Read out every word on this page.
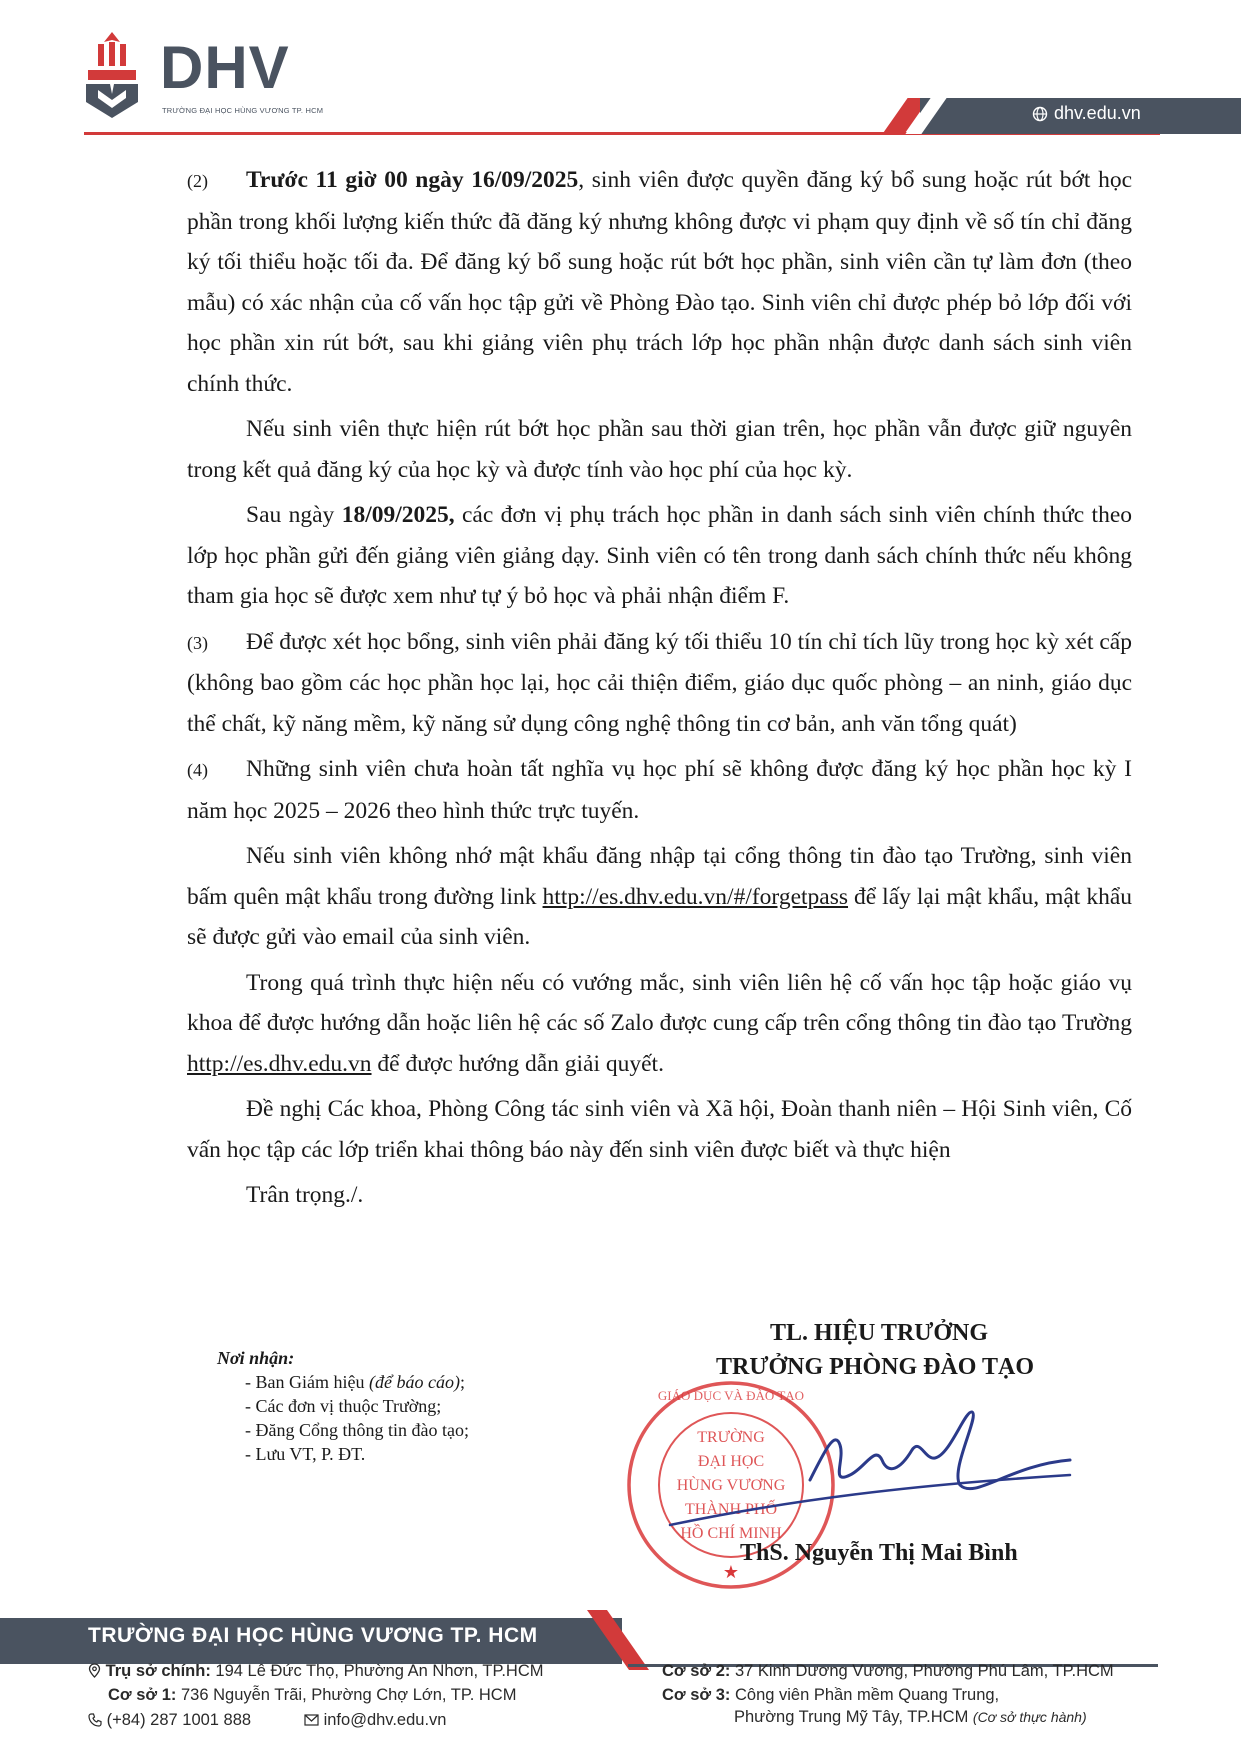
DHV
TRƯỜNG ĐẠI HỌC HÙNG VƯƠNG TP. HCM	dhv.edu.vn

(2) Trước 11 giờ 00 ngày 16/09/2025, sinh viên được quyền đăng ký bổ sung hoặc rút bớt học phần trong khối lượng kiến thức đã đăng ký nhưng không được vi phạm quy định về số tín chỉ đăng ký tối thiểu hoặc tối đa. Để đăng ký bổ sung hoặc rút bớt học phần, sinh viên cần tự làm đơn (theo mẫu) có xác nhận của cố vấn học tập gửi về Phòng Đào tạo. Sinh viên chỉ được phép bỏ lớp đối với học phần xin rút bớt, sau khi giảng viên phụ trách lớp học phần nhận được danh sách sinh viên chính thức.

Nếu sinh viên thực hiện rút bớt học phần sau thời gian trên, học phần vẫn được giữ nguyên trong kết quả đăng ký của học kỳ và được tính vào học phí của học kỳ.

Sau ngày 18/09/2025, các đơn vị phụ trách học phần in danh sách sinh viên chính thức theo lớp học phần gửi đến giảng viên giảng dạy. Sinh viên có tên trong danh sách chính thức nếu không tham gia học sẽ được xem như tự ý bỏ học và phải nhận điểm F.

(3) Để được xét học bổng, sinh viên phải đăng ký tối thiểu 10 tín chỉ tích lũy trong học kỳ xét cấp (không bao gồm các học phần học lại, học cải thiện điểm, giáo dục quốc phòng – an ninh, giáo dục thể chất, kỹ năng mềm, kỹ năng sử dụng công nghệ thông tin cơ bản, anh văn tổng quát)

(4) Những sinh viên chưa hoàn tất nghĩa vụ học phí sẽ không được đăng ký học phần học kỳ I năm học 2025 – 2026 theo hình thức trực tuyến.

Nếu sinh viên không nhớ mật khẩu đăng nhập tại cổng thông tin đào tạo Trường, sinh viên bấm quên mật khẩu trong đường link http://es.dhv.edu.vn/#/forgetpass để lấy lại mật khẩu, mật khẩu sẽ được gửi vào email của sinh viên.

Trong quá trình thực hiện nếu có vướng mắc, sinh viên liên hệ cố vấn học tập hoặc giáo vụ khoa để được hướng dẫn hoặc liên hệ các số Zalo được cung cấp trên cổng thông tin đào tạo Trường http://es.dhv.edu.vn để được hướng dẫn giải quyết.

Đề nghị Các khoa, Phòng Công tác sinh viên và Xã hội, Đoàn thanh niên – Hội Sinh viên, Cố vấn học tập các lớp triển khai thông báo này đến sinh viên được biết và thực hiện

Trân trọng./.

Nơi nhận:
- Ban Giám hiệu (để báo cáo);
- Các đơn vị thuộc Trường;
- Đăng Cổng thông tin đào tạo;
- Lưu VT, P. ĐT.
TL. HIỆU TRƯỞNG
TRƯỞNG PHÒNG ĐÀO TẠO
TRƯỜNG
ĐẠI HỌC
HÙNG VƯƠNG
THÀNH PHỐ
HỒ CHÍ MINH
GIÁO DỤC VÀ ĐÀO TẠO
★
ThS. Nguyễn Thị Mai Bình
TRƯỜNG ĐẠI HỌC HÙNG VƯƠNG TP. HCM
Trụ sở chính: 194 Lê Đức Thọ, Phường An Nhơn, TP.HCM
Cơ sở 1: 736 Nguyễn Trãi, Phường Chợ Lớn, TP. HCM
(+84) 287 1001 888	info@dhv.edu.vn
Cơ sở 2: 37 Kinh Dương Vương, Phường Phú Lâm, TP.HCM
Cơ sở 3: Công viên Phần mềm Quang Trung,
Phường Trung Mỹ Tây, TP.HCM (Cơ sở thực hành)
